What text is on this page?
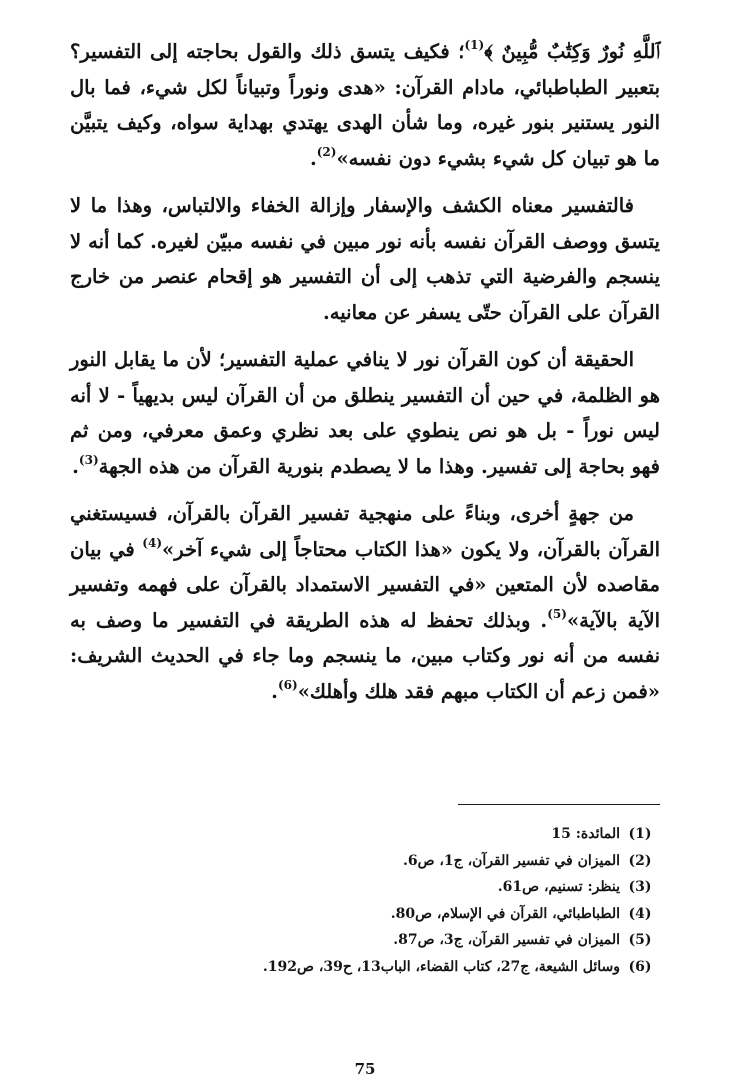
ﭐﻟﻠَّﻪِ ﻧُﻮﺭٌ ﻭَﻛِﺘَٰﺐٌ ﻣُّﺒِﻴﻦٌ ﴾$^{(1)}$؛ فكيف يتسق ذلك والقول بحاجته إلى التفسير؟ بتعبير الطباطبائي، مادام القرآن: «هدى ونوراً وتبياناً لكل شيء، فما بال النور يستنير بنور غيره، وما شأن الهدى يهتدي بهداية سواه، وكيف يتبيَّن ما هو تبيان كل شيء بشيء دون نفسه»$^{(2)}$.

فالتفسير معناه الكشف والإسفار وإزالة الخفاء والالتباس، وهذا ما لا يتسق ووصف القرآن نفسه بأنه نور مبين في نفسه مبيّن لغيره. كما أنه لا ينسجم والفرضية التي تذهب إلى أن التفسير هو إقحام عنصر من خارج القرآن على القرآن حتّى يسفر عن معانيه.

الحقيقة أن كون القرآن نور لا ينافي عملية التفسير؛ لأن ما يقابل النور هو الظلمة، في حين أن التفسير ينطلق من أن القرآن ليس بديهياً - لا أنه ليس نوراً - بل هو نص ينطوي على بعد نظري وعمق معرفي، ومن ثم فهو بحاجة إلى تفسير. وهذا ما لا يصطدم بنورية القرآن من هذه الجهة$^{(3)}$.

من جهةٍ أخرى، وبناءً على منهجية تفسير القرآن بالقرآن، فسيستغني القرآن بالقرآن، ولا يكون «هذا الكتاب محتاجاً إلى شيء آخر»$^{(4)}$ في بيان مقاصده لأن المتعين «في التفسير الاستمداد بالقرآن على فهمه وتفسير الآية بالآية»$^{(5)}$. وبذلك تحفظ له هذه الطريقة في التفسير ما وصف به نفسه من أنه نور وكتاب مبين، ما ينسجم وما جاء في الحديث الشريف: «فمن زعم أن الكتاب مبهم فقد هلك وأهلك»$^{(6)}$.

(1)
المائدة: 15
(2)
الميزان في تفسير القرآن، ج1، ص6.
(3)
ينظر: تسنيم، ص61.
(4)
الطباطبائي، القرآن في الإسلام، ص80.
(5)
الميزان في تفسير القرآن، ج3، ص87.
(6)
وسائل الشيعة، ج27، كتاب القضاء، الباب13، ح39، ص192.
75
